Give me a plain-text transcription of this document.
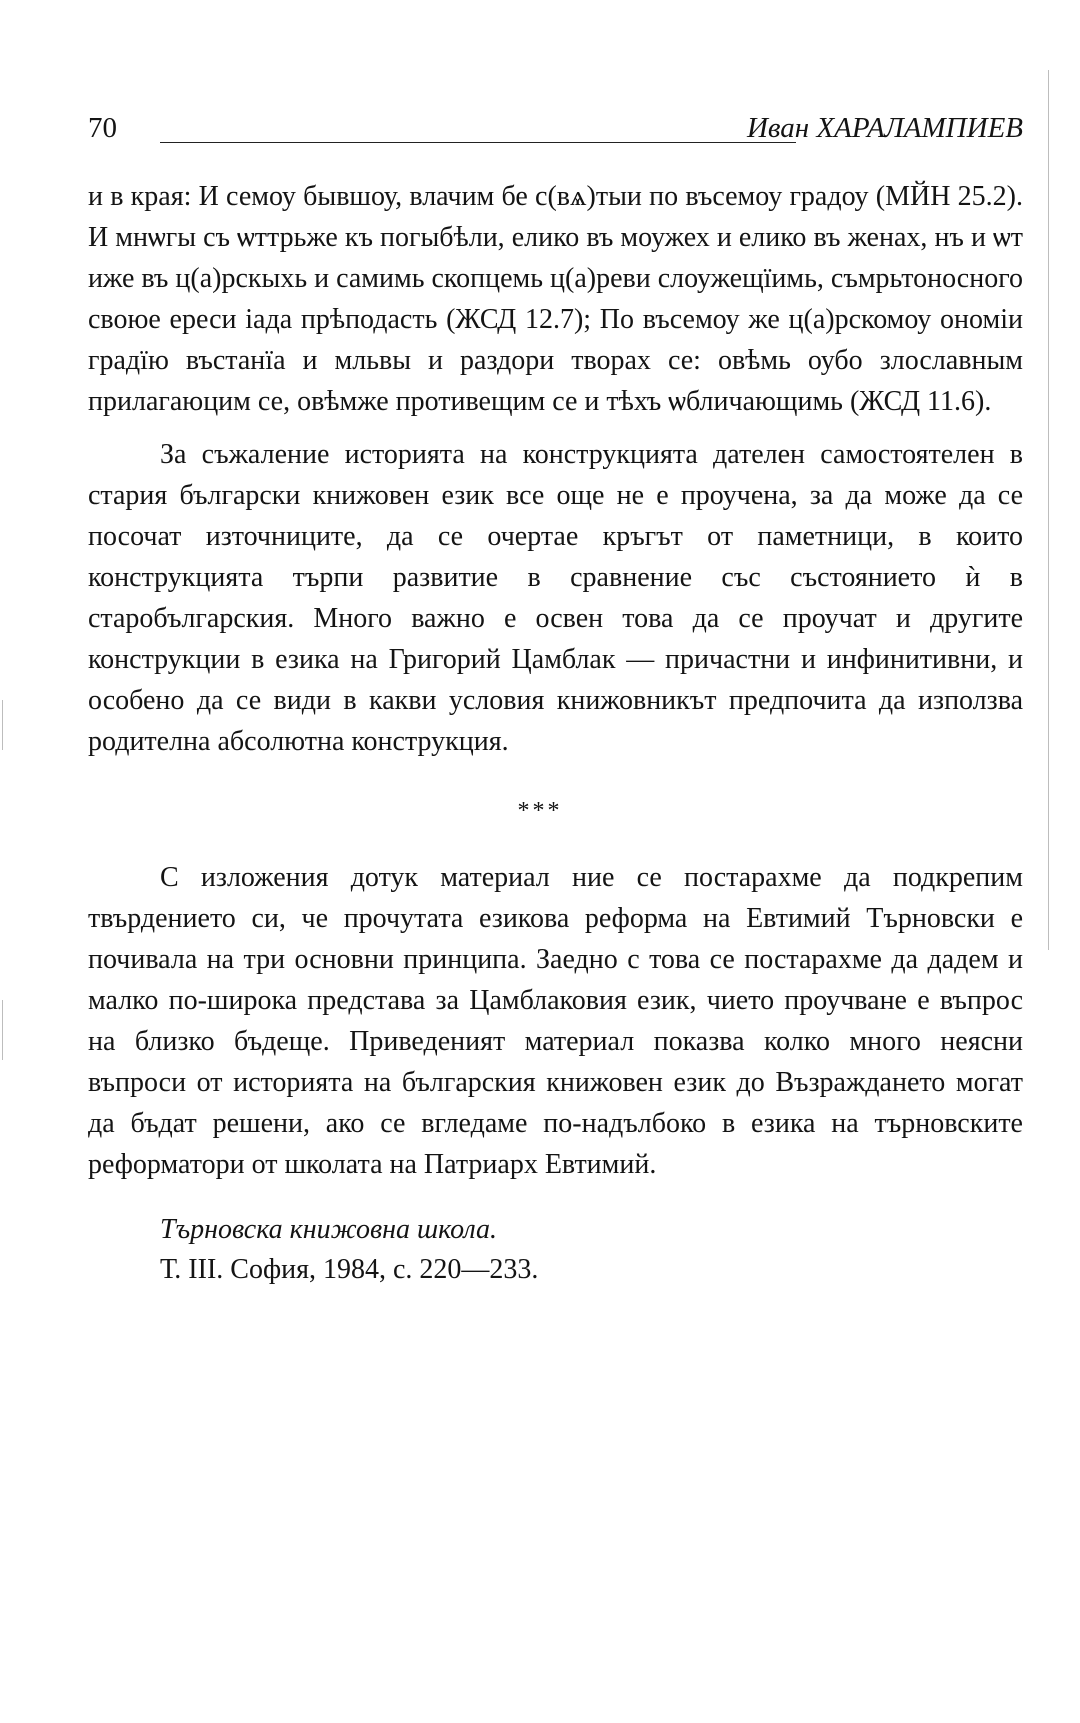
70	Иван ХАРАЛАМПИЕВ

и в края: И семоу бывшоу, влачим бе с(вѧ)тыи по въсемоу градоу (МЙН 25.2). И мнѡгы съ ѡттрьже къ погыбѣли, елико въ моужех и елико въ женах, нъ и ѡт иже въ ц(а)рскыхь и самимь скопцемь ц(а)реви слоужещїимь, съмрьтоносного своюе ереси iада прѣподасть (ЖСД 12.7); По въсемоу же ц(а)рскомоу ономіи градїю въстанїа и мльвы и раздори творах се: овѣмь оубо злославным прилагаюцим се, овѣмже противещим се и тѣхъ ѡбличающимь (ЖСД 11.6).

За съжаление историята на конструкцията дателен самостоятелен в стария български книжовен език все още не е проучена, за да може да се посочат източниците, да се очертае кръгът от паметници, в които конструкцията търпи развитие в сравнение със състоянието ѝ в старобългарския. Много важно е освен това да се проучат и другите конструкции в езика на Григорий Цамблак — причастни и инфинитивни, и особено да се види в какви условия книжовникът предпочита да използва родителна абсолютна конструкция.

***

С изложения дотук материал ние се постарахме да подкрепим твърдението си, че прочутата езикова реформа на Евтимий Търновски е почивала на три основни принципа. Заедно с това се постарахме да дадем и малко по-широка представа за Цамблаковия език, чието проучване е въпрос на близко бъдеще. Приведеният материал показва колко много неясни въпроси от историята на българския книжовен език до Възраждането могат да бъдат решени, ако се вгледаме по-надълбоко в езика на търновските реформатори от школата на Патриарх Евтимий.

Търновска книжовна школа.
Т. III. София, 1984, с. 220—233.
